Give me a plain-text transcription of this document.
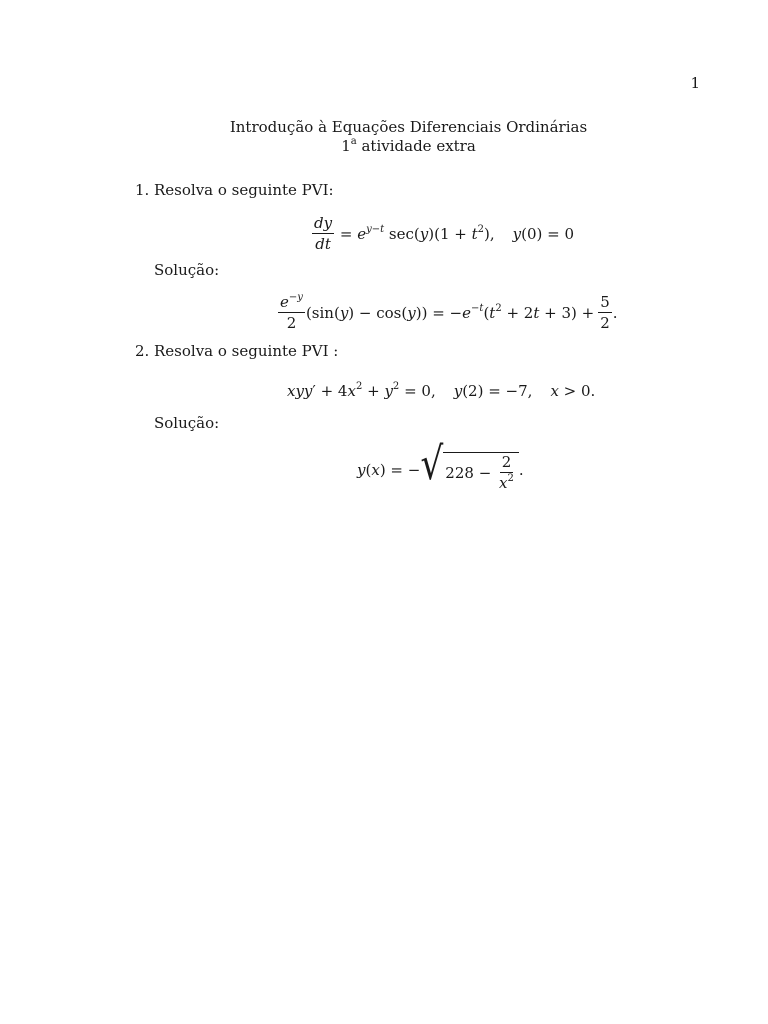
1
Introdução à Equações Diferenciais Ordinárias
1$^a$ atividade extra
1. Resolva o seguinte PVI:
$\frac{dy}{dt} = e^{y-t}$ $\sec(y)(1 + t^2)$, y(0) = 0
Solução:
$\frac{e^{-y}}{2} (\sin(y) - \cos(y)) = -e^{-t}(t^2 + 2t + 3) + \frac{5}{2}$ .
2. Resolva o seguinte PVI :
$xyy' + 4x^2 + y^2 = 0$, y(2) = −7, x > 0.
Solução:
y(x) = − √ $228 - \frac{2}{x^2}$ .
